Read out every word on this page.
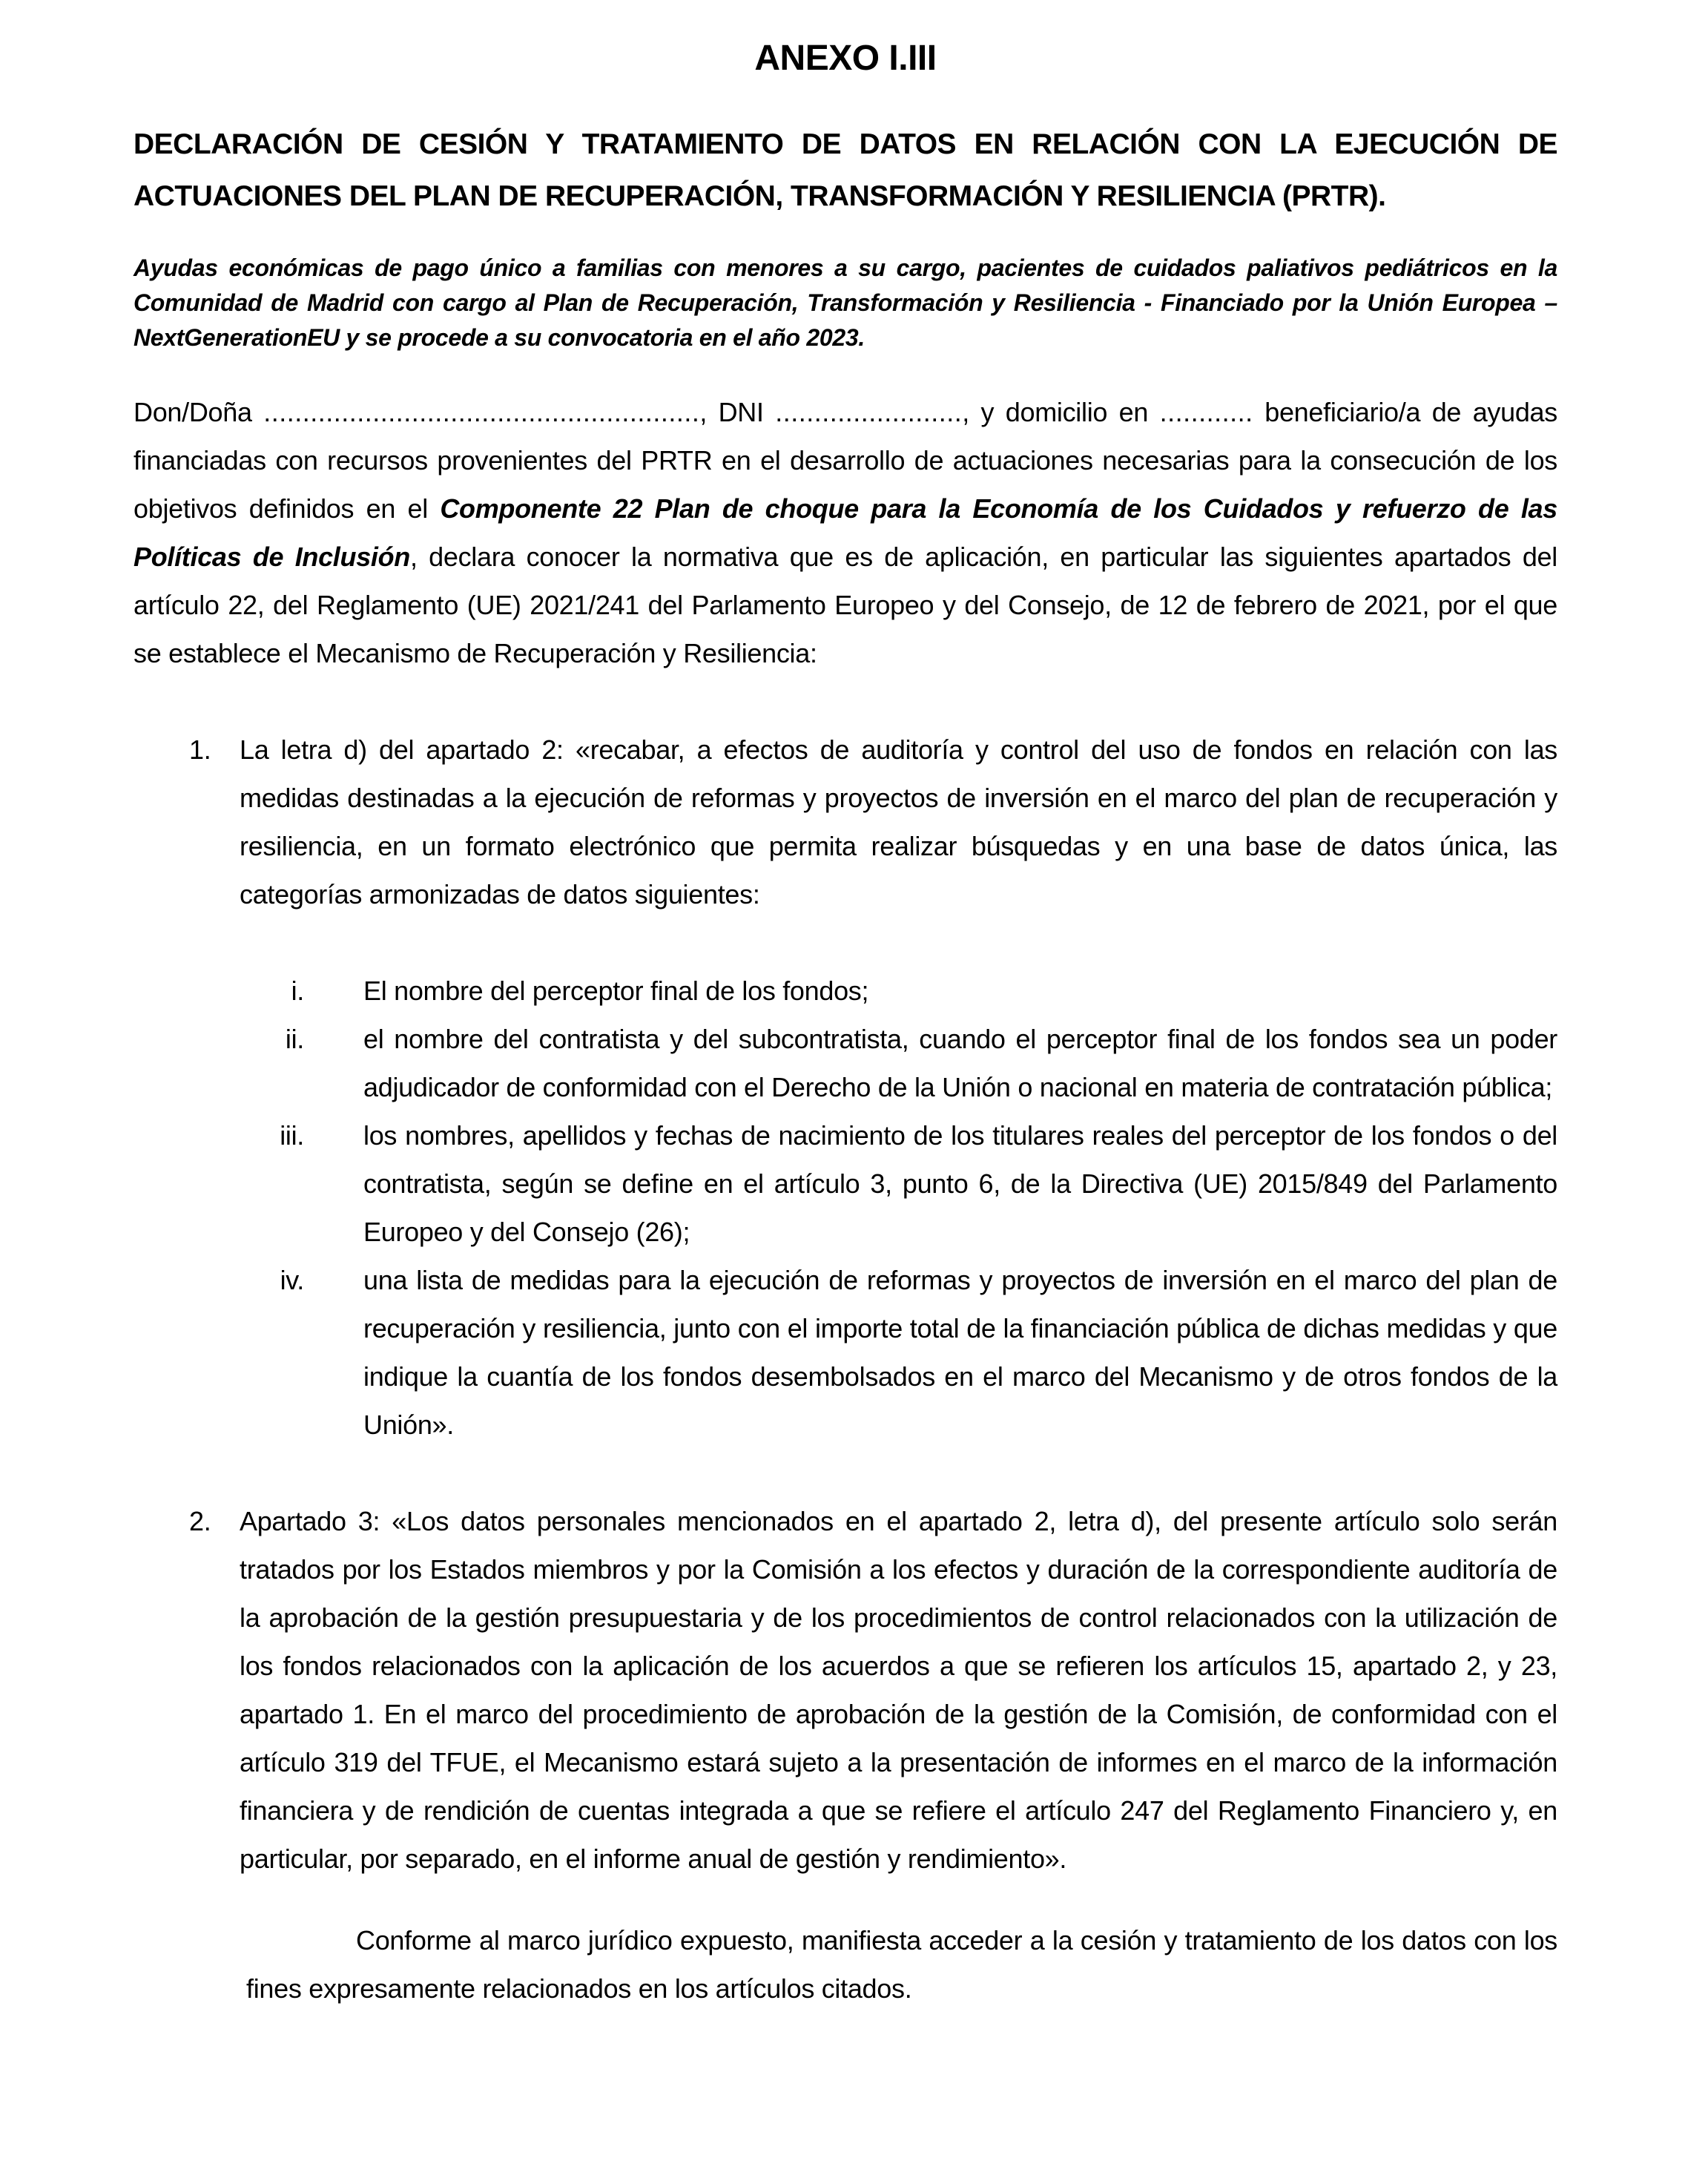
ANEXO I.III
DECLARACIÓN DE CESIÓN Y TRATAMIENTO DE DATOS EN RELACIÓN CON LA EJECUCIÓN DE ACTUACIONES DEL PLAN DE RECUPERACIÓN, TRANSFORMACIÓN Y RESILIENCIA (PRTR).

Ayudas económicas de pago único a familias con menores a su cargo, pacientes de cuidados paliativos pediátricos en la Comunidad de Madrid con cargo al Plan de Recuperación, Transformación y Resiliencia - Financiado por la Unión Europea – NextGenerationEU y se procede a su convocatoria en el año 2023.

Don/Doña ........................................................, DNI ........................, y domicilio en ............ beneficiario/a de ayudas financiadas con recursos provenientes del PRTR en el desarrollo de actuaciones necesarias para la consecución de los objetivos definidos en el Componente 22 Plan de choque para la Economía de los Cuidados y refuerzo de las Políticas de Inclusión, declara conocer la normativa que es de aplicación, en particular las siguientes apartados del artículo 22, del Reglamento (UE) 2021/241 del Parlamento Europeo y del Consejo, de 12 de febrero de 2021, por el que se establece el Mecanismo de Recuperación y Resiliencia:

1.	La letra d) del apartado 2: «recabar, a efectos de auditoría y control del uso de fondos en relación con las medidas destinadas a la ejecución de reformas y proyectos de inversión en el marco del plan de recuperación y resiliencia, en un formato electrónico que permita realizar búsquedas y en una base de datos única, las categorías armonizadas de datos siguientes:
i.	El nombre del perceptor final de los fondos;
ii.	el nombre del contratista y del subcontratista, cuando el perceptor final de los fondos sea un poder adjudicador de conformidad con el Derecho de la Unión o nacional en materia de contratación pública;
iii.	los nombres, apellidos y fechas de nacimiento de los titulares reales del perceptor de los fondos o del contratista, según se define en el artículo 3, punto 6, de la Directiva (UE) 2015/849 del Parlamento Europeo y del Consejo (26);
iv.	una lista de medidas para la ejecución de reformas y proyectos de inversión en el marco del plan de recuperación y resiliencia, junto con el importe total de la financiación pública de dichas medidas y que indique la cuantía de los fondos desembolsados en el marco del Mecanismo y de otros fondos de la Unión».
2.	Apartado 3: «Los datos personales mencionados en el apartado 2, letra d), del presente artículo solo serán tratados por los Estados miembros y por la Comisión a los efectos y duración de la correspondiente auditoría de la aprobación de la gestión presupuestaria y de los procedimientos de control relacionados con la utilización de los fondos relacionados con la aplicación de los acuerdos a que se refieren los artículos 15, apartado 2, y 23, apartado 1. En el marco del procedimiento de aprobación de la gestión de la Comisión, de conformidad con el artículo 319 del TFUE, el Mecanismo estará sujeto a la presentación de informes en el marco de la información financiera y de rendición de cuentas integrada a que se refiere el artículo 247 del Reglamento Financiero y, en particular, por separado, en el informe anual de gestión y rendimiento».

Conforme al marco jurídico expuesto, manifiesta acceder a la cesión y tratamiento de los datos con los fines expresamente relacionados en los artículos citados.
